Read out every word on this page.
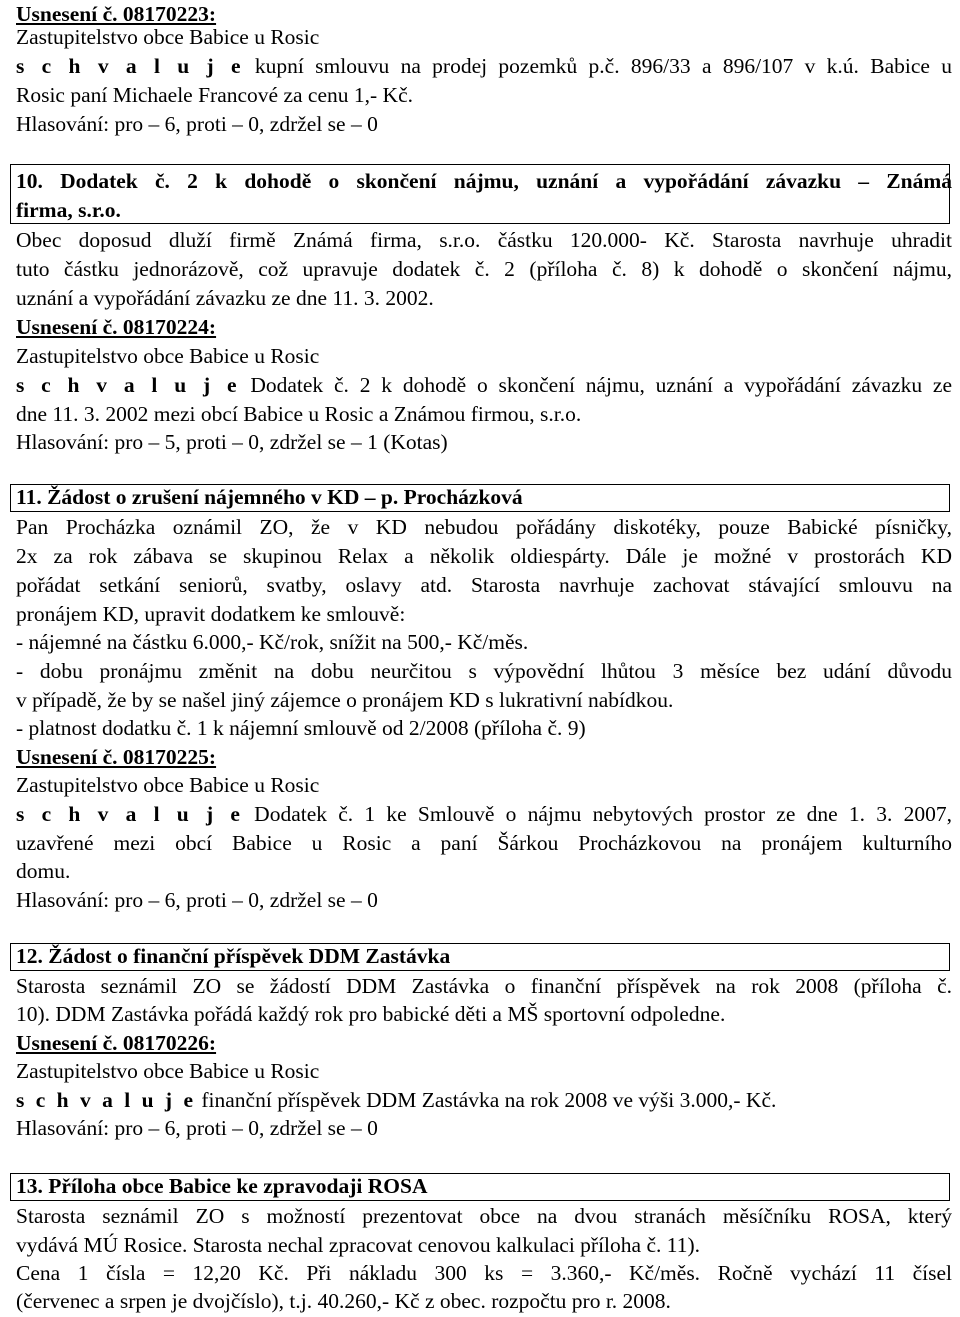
Usnesení č. 08170223:
Zastupitelstvo obce Babice u Rosic
s c h v a l u j e kupní smlouvu na prodej pozemků p.č. 896/33 a 896/107 v k.ú. Babice u
Rosic paní Michaele Francové za cenu 1,- Kč.
Hlasování: pro – 6, proti – 0, zdržel se – 0
10. Dodatek č. 2 k dohodě o skončení nájmu, uznání a vypořádání závazku – Známá
firma, s.r.o.
Obec doposud dluží firmě Známá firma, s.r.o. částku 120.000- Kč. Starosta navrhuje uhradit
tuto částku jednorázově, což upravuje dodatek č. 2 (příloha č. 8) k dohodě o skončení nájmu,
uznání a vypořádání závazku ze dne 11. 3. 2002.
Usnesení č. 08170224:
Zastupitelstvo obce Babice u Rosic
s c h v a l u j e Dodatek č. 2 k dohodě o skončení nájmu, uznání a vypořádání závazku ze
dne 11. 3. 2002 mezi obcí Babice u Rosic a Známou firmou, s.r.o.
Hlasování: pro – 5, proti – 0, zdržel se – 1 (Kotas)
11. Žádost o zrušení nájemného v KD – p. Procházková
Pan Procházka oznámil ZO, že v KD nebudou pořádány diskotéky, pouze Babické písničky,
2x za rok zábava se skupinou Relax a několik oldiespárty. Dále je možné v prostorách KD
pořádat setkání seniorů, svatby, oslavy atd. Starosta navrhuje zachovat stávající smlouvu na
pronájem KD, upravit dodatkem ke smlouvě:
- nájemné na částku 6.000,- Kč/rok, snížit na 500,- Kč/měs.
- dobu pronájmu změnit na dobu neurčitou s výpovědní lhůtou 3 měsíce bez udání důvodu
v případě, že by se našel jiný zájemce o pronájem KD s lukrativní nabídkou.
- platnost dodatku č. 1 k nájemní smlouvě od 2/2008 (příloha č. 9)
Usnesení č. 08170225:
Zastupitelstvo obce Babice u Rosic
s c h v a l u j e Dodatek č. 1 ke Smlouvě o nájmu nebytových prostor ze dne 1. 3. 2007,
uzavřené mezi obcí Babice u Rosic a paní Šárkou Procházkovou na pronájem kulturního
domu.
Hlasování: pro – 6, proti – 0, zdržel se – 0
12. Žádost o finanční příspěvek DDM Zastávka
Starosta seznámil ZO se žádostí DDM Zastávka o finanční příspěvek na rok 2008 (příloha č.
10). DDM Zastávka pořádá každý rok pro babické děti a MŠ sportovní odpoledne.
Usnesení č. 08170226:
Zastupitelstvo obce Babice u Rosic
s c h v a l u j e finanční příspěvek DDM Zastávka na rok 2008 ve výši 3.000,- Kč.
Hlasování: pro – 6, proti – 0, zdržel se – 0
13. Příloha obce Babice ke zpravodaji ROSA
Starosta seznámil ZO s možností prezentovat obce na dvou stranách měsíčníku ROSA, který
vydává MÚ Rosice. Starosta nechal zpracovat cenovou kalkulaci příloha č. 11).
Cena 1 čísla = 12,20 Kč. Při nákladu 300 ks = 3.360,- Kč/měs. Ročně vychází 11 čísel
(červenec a srpen je dvojčíslo), t.j. 40.260,- Kč z obec. rozpočtu pro r. 2008.
